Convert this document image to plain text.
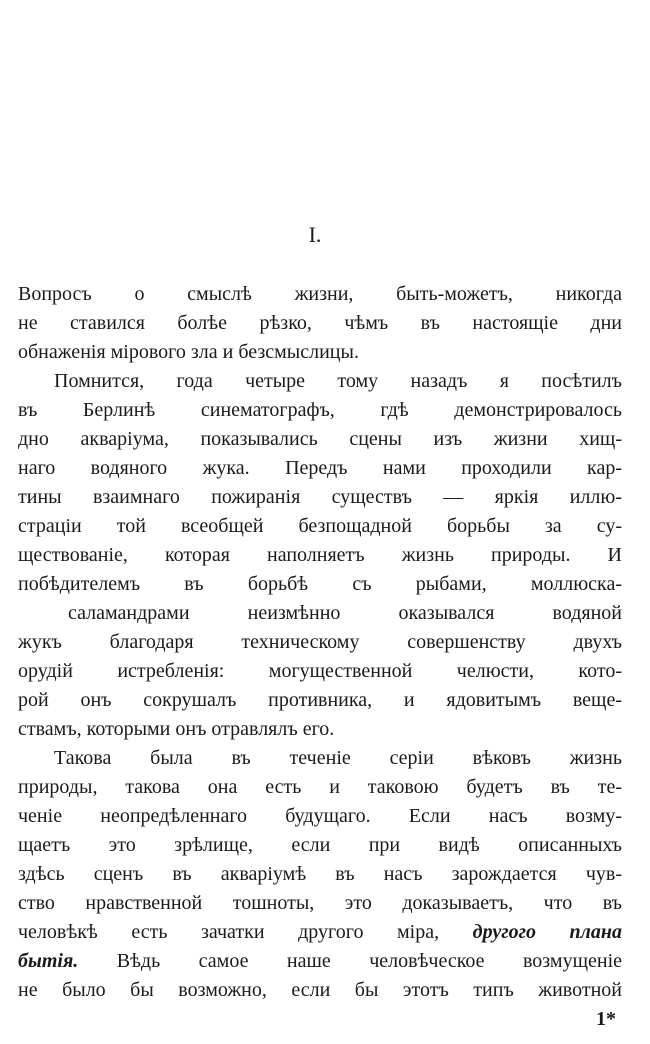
I.
Вопросъ о смыслѣ жизни, быть-можетъ, никогда
не ставился болѣе рѣзко, чѣмъ въ настоящіе дни
обнаженія мірового зла и безсмыслицы.
Помнится, года четыре тому назадъ я посѣтилъ
въ Берлинѣ синематографъ, гдѣ демонстрировалось
дно акваріума, показывались сцены изъ жизни хищ-
наго водяного жука. Передъ нами проходили кар-
тины взаимнаго пожиранія существъ — яркія иллю-
страціи той всеобщей безпощадной борьбы за су-
ществованіе, которая наполняетъ жизнь природы. И
побѣдителемъ въ борьбѣ съ рыбами, моллюска-
саламандрами неизмѣнно оказывался водяной
жукъ благодаря техническому совершенству двухъ
орудій истребленія: могущественной челюсти, кото-
рой онъ сокрушалъ противника, и ядовитымъ веще-
ствамъ, которыми онъ отравлялъ его.
Такова была въ теченіе серіи вѣковъ жизнь
природы, такова она есть и таковою будетъ въ те-
ченіе неопредѣленнаго будущаго. Если насъ возму-
щаетъ это зрѣлище, если при видѣ описанныхъ
здѣсь сценъ въ акваріумѣ въ насъ зарождается чув-
ство нравственной тошноты, это доказываетъ, что въ
человѣкѣ есть зачатки другого міра, другого плана
бытія. Вѣдь самое наше человѣческое возмущеніе
не было бы возможно, если бы этотъ типъ животной
1*
